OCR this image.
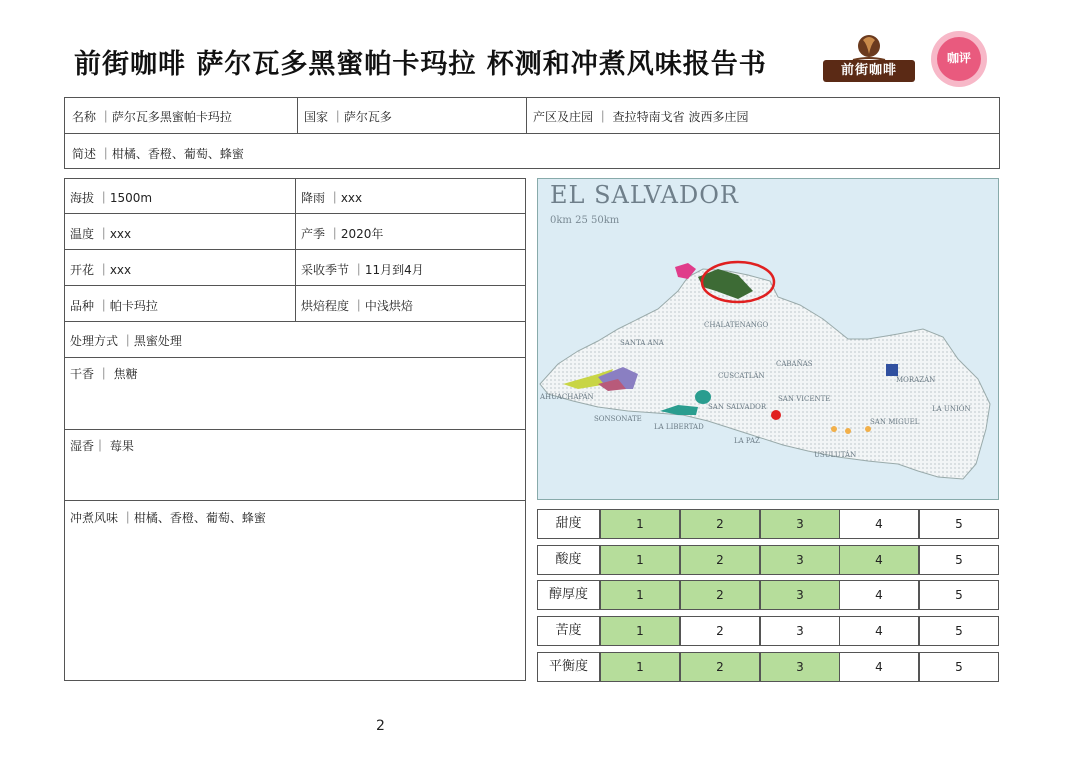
前街咖啡 萨尔瓦多黑蜜帕卡玛拉 杯测和冲煮风味报告书	前街咖啡
咖评
名称 ｜萨尔瓦多黑蜜帕卡玛拉	国家 ｜萨尔瓦多	产区及庄园 ｜ 查拉特南戈省 波西多庄园
简述 ｜柑橘、香橙、葡萄、蜂蜜
海拔 ｜1500m	降雨 ｜xxx
温度 ｜xxx	产季 ｜2020年
开花 ｜xxx	采收季节 ｜11月到4月
品种 ｜帕卡玛拉	烘焙程度 ｜中浅烘焙
处理方式 ｜黑蜜处理
干香 ｜ 焦糖
湿香｜ 莓果
冲煮风味 ｜柑橘、香橙、葡萄、蜂蜜
EL SALVADOR
0km 25 50km
CHALATENANGO
SANTA ANA
CABAÑAS
CUSCATLÁN
AHUACHAPÁN
SONSONATE
SAN SALVADOR
LA LIBERTAD
SAN VICENTE
LA PAZ
MORAZÁN
SAN MIGUEL
LA UNIÓN
USULUTÁN
甜度	1	2	3	4	5
酸度	1	2	3	4	5
醇厚度	1	2	3	4	5
苦度	1	2	3	4	5
平衡度	1	2	3	4	5
2
